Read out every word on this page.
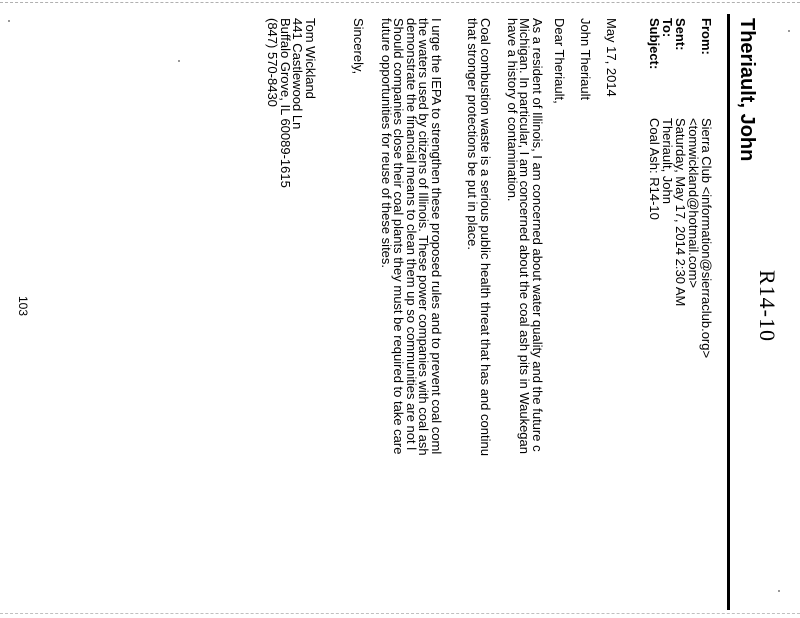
R14-10
Theriault, John
From:
Sierra Club <information@sierraclub.org>
<tomwickland@hotmail.com>
Sent:
Saturday, May 17, 2014 2:30 AM
To:
Theriault, John
Subject:
Coal Ash: R14-10
May 17, 2014
John Theriault
Dear Theriault,
As a resident of Illinois, I am concerned about water quality and the future c
Michigan. In particular, I am concerned about the coal ash pits in Waukegan
have a history of contamination.
Coal combustion waste is a serious public health threat that has and continu
that stronger protections be put in place.
I urge the IEPA to strengthen these proposed rules and to prevent coal coml
the waters used by citizens of Illinois. These power companies with coal ash
demonstrate the financial means to clean them up so communities are not l
Should companies close their coal plants they must be required to take care
future opportunities for reuse of these sites.
Sincerely,
Tom Wickland
441 Castlewood Ln
Buffalo Grove, IL 60089-1615
(847) 570-8430
103
